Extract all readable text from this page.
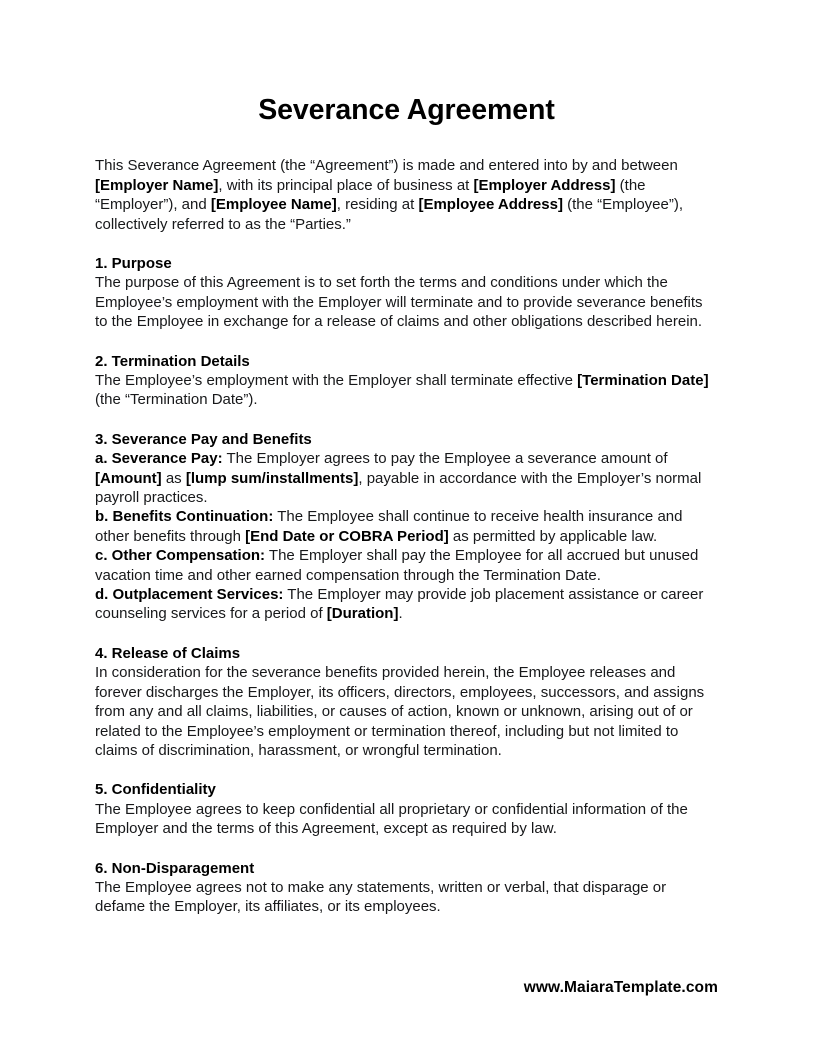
Severance Agreement

This Severance Agreement (the “Agreement”) is made and entered into by and between [Employer Name], with its principal place of business at [Employer Address] (the “Employer”), and [Employee Name], residing at [Employee Address] (the “Employee”), collectively referred to as the “Parties.”

1. Purpose

The purpose of this Agreement is to set forth the terms and conditions under which the Employee’s employment with the Employer will terminate and to provide severance benefits to the Employee in exchange for a release of claims and other obligations described herein.

2. Termination Details

The Employee’s employment with the Employer shall terminate effective [Termination Date] (the “Termination Date”).

3. Severance Pay and Benefits

a. Severance Pay: The Employer agrees to pay the Employee a severance amount of [Amount] as [lump sum/installments], payable in accordance with the Employer’s normal payroll practices.

b. Benefits Continuation: The Employee shall continue to receive health insurance and other benefits through [End Date or COBRA Period] as permitted by applicable law.

c. Other Compensation: The Employer shall pay the Employee for all accrued but unused vacation time and other earned compensation through the Termination Date.

d. Outplacement Services: The Employer may provide job placement assistance or career counseling services for a period of [Duration].

4. Release of Claims

In consideration for the severance benefits provided herein, the Employee releases and forever discharges the Employer, its officers, directors, employees, successors, and assigns from any and all claims, liabilities, or causes of action, known or unknown, arising out of or related to the Employee’s employment or termination thereof, including but not limited to claims of discrimination, harassment, or wrongful termination.

5. Confidentiality

The Employee agrees to keep confidential all proprietary or confidential information of the Employer and the terms of this Agreement, except as required by law.

6. Non-Disparagement

The Employee agrees not to make any statements, written or verbal, that disparage or defame the Employer, its affiliates, or its employees.

www.MaiaraTemplate.com
